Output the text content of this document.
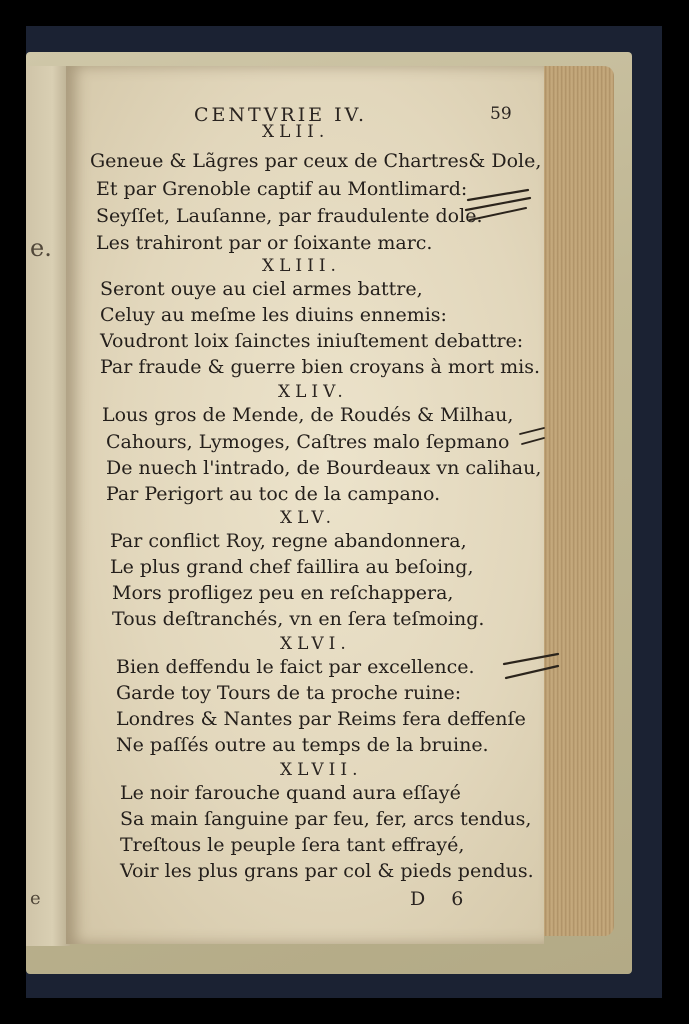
e.
e
CENTVRIE IV.	59
XLII.
Geneue & Lãgres par ceux de Chartres& Dole,
Et par Grenoble captif au Montlimard:
Seyſſet, Lauſanne, par fraudulente dole.
Les trahiront par or ſoixante marc.
XLIII.
Seront ouye au ciel armes battre,
Celuy au meſme les diuins ennemis:
Voudront loix ſainctes iniuſtement debattre:
Par fraude & guerre bien croyans à mort mis.
XLIV.
Lous gros de Mende, de Roudés & Milhau,
Cahours, Lymoges, Caſtres malo ſepmano
De nuech l'intrado, de Bourdeaux vn calihau,
Par Perigort au toc de la campano.
XLV.
Par conflict Roy, regne abandonnera,
Le plus grand chef faillira au beſoing,
Mors profligez peu en reſchappera,
Tous deſtranchés, vn en ſera teſmoing.
XLVI.
Bien deffendu le faict par excellence.
Garde toy Tours de ta proche ruine:
Londres & Nantes par Reims fera deffenſe
Ne paſſés outre au temps de la bruine.
XLVII.
Le noir farouche quand aura eſſayé
Sa main ſanguine par feu, fer, arcs tendus,
Treſtous le peuple ſera tant effrayé,
Voir les plus grans par col & pieds pendus.
D 6
